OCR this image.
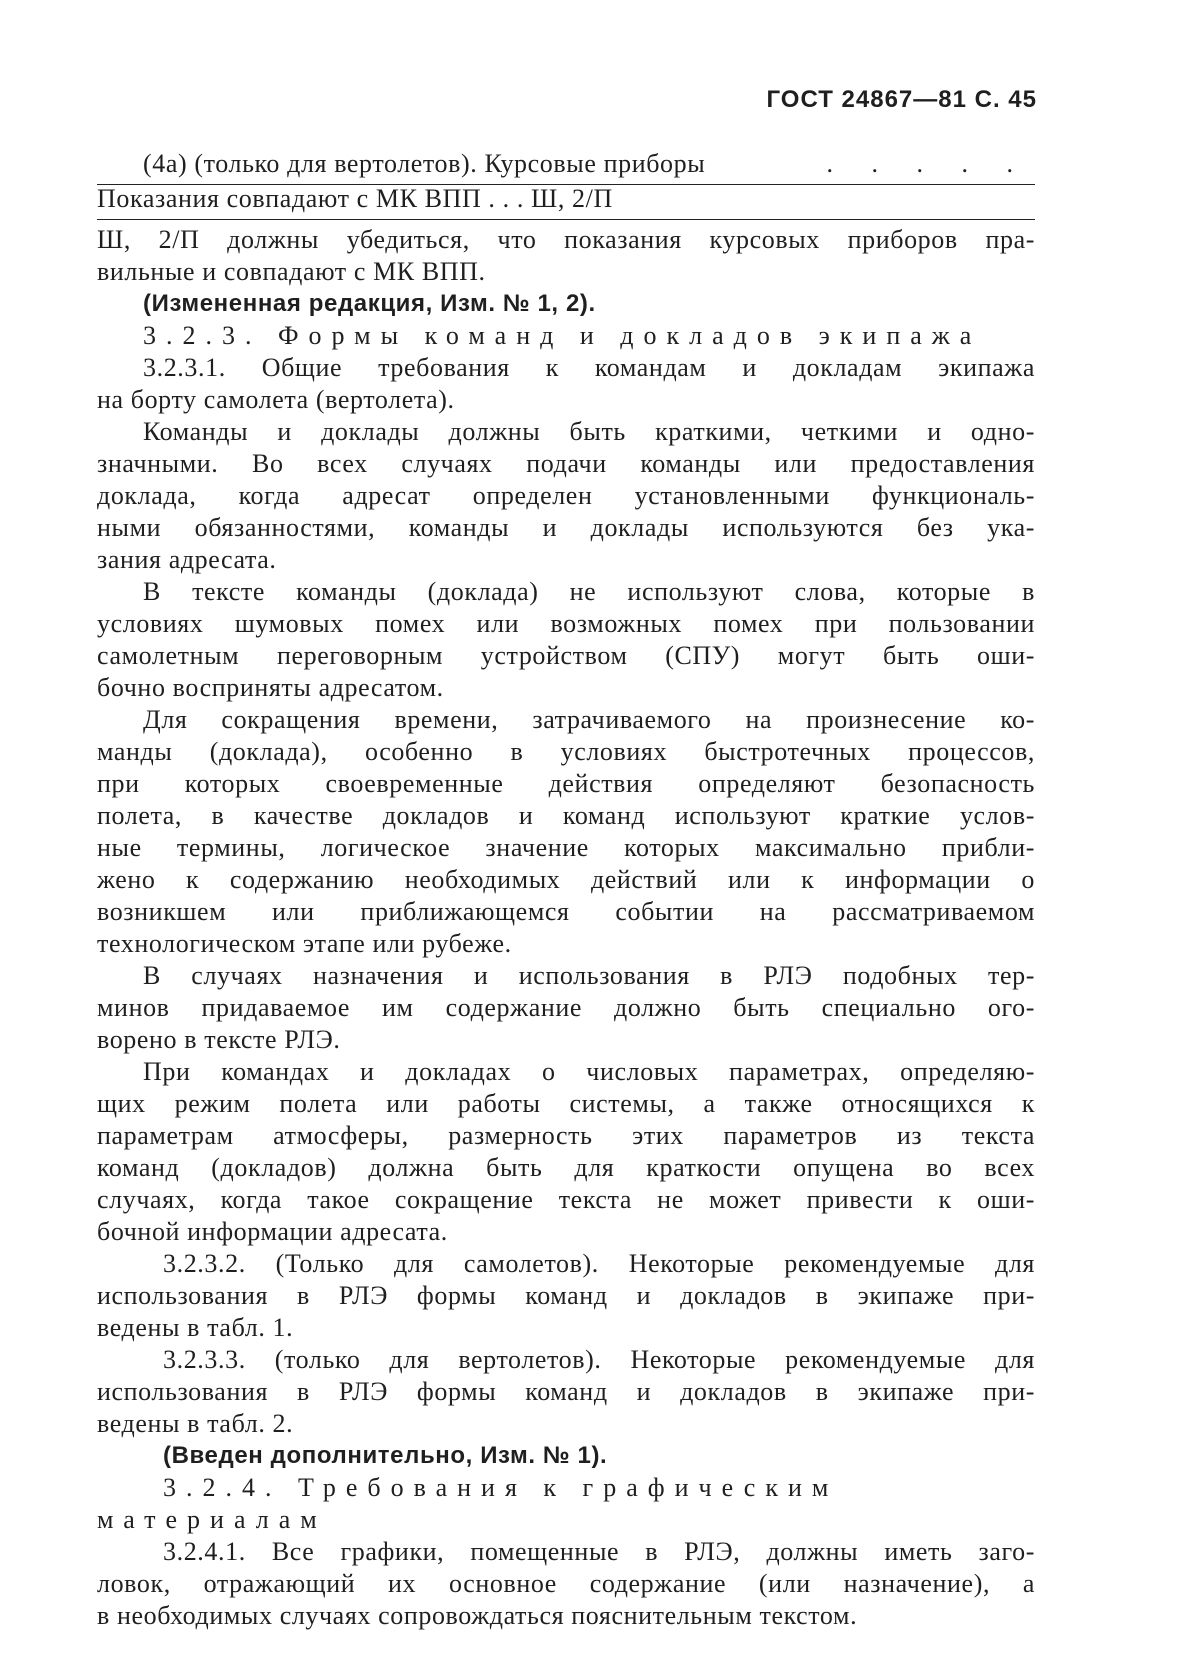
ГОСТ 24867—81 С. 45
(4а) (только для вертолетов). Курсовые приборы	. . . . .
Показания совпадают с МК ВПП . . . Ш, 2/П
Ш, 2/П должны убедиться, что показания курсовых приборов пра-
вильные и совпадают с МК ВПП.
(Измененная редакция, Изм. № 1, 2).
3.2.3. Формы команд и докладов экипажа
3.2.3.1. Общие требования к командам и докладам экипажа
на борту самолета (вертолета).
Команды и доклады должны быть краткими, четкими и одно-
значными. Во всех случаях подачи команды или предоставления
доклада, когда адресат определен установленными функциональ-
ными обязанностями, команды и доклады используются без ука-
зания адресата.
В тексте команды (доклада) не используют слова, которые в
условиях шумовых помех или возможных помех при пользовании
самолетным переговорным устройством (СПУ) могут быть оши-
бочно восприняты адресатом.
Для сокращения времени, затрачиваемого на произнесение ко-
манды (доклада), особенно в условиях быстротечных процессов,
при которых своевременные действия определяют безопасность
полета, в качестве докладов и команд используют краткие услов-
ные термины, логическое значение которых максимально прибли-
жено к содержанию необходимых действий или к информации о
возникшем или приближающемся событии на рассматриваемом
технологическом этапе или рубеже.
В случаях назначения и использования в РЛЭ подобных тер-
минов придаваемое им содержание должно быть специально ого-
ворено в тексте РЛЭ.
При командах и докладах о числовых параметрах, определяю-
щих режим полета или работы системы, а также относящихся к
параметрам атмосферы, размерность этих параметров из текста
команд (докладов) должна быть для краткости опущена во всех
случаях, когда такое сокращение текста не может привести к оши-
бочной информации адресата.
3.2.3.2. (Только для самолетов). Некоторые рекомендуемые для
использования в РЛЭ формы команд и докладов в экипаже при-
ведены в табл. 1.
3.2.3.3. (только для вертолетов). Некоторые рекомендуемые для
использования в РЛЭ формы команд и докладов в экипаже при-
ведены в табл. 2.
(Введен дополнительно, Изм. № 1).
3.2.4. Требования к графическим материалам
3.2.4.1. Все графики, помещенные в РЛЭ, должны иметь заго-
ловок, отражающий их основное содержание (или назначение), а
в необходимых случаях сопровождаться пояснительным текстом.
